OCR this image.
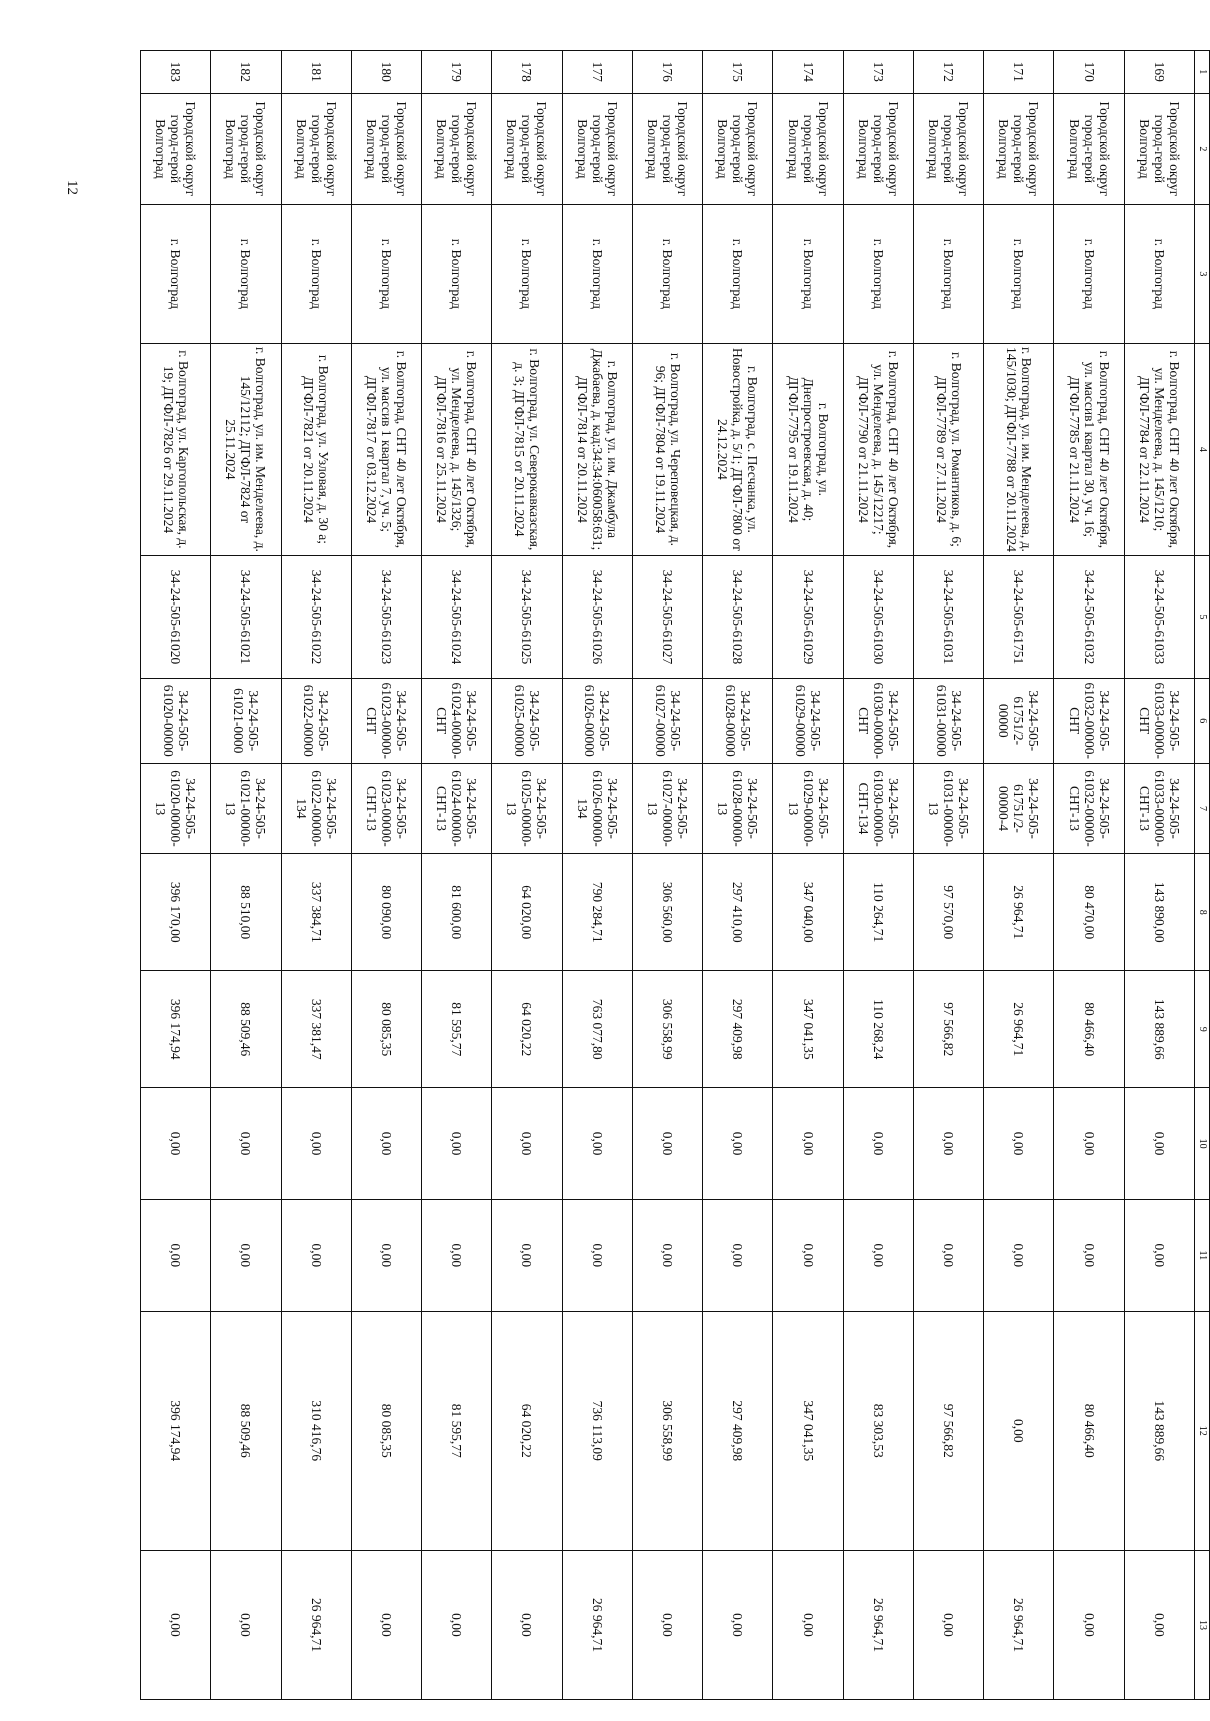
12
1	2	3	4	5	6	7	8	9	10	11	12	13
169	Городской округ город-герой Волгоград	г. Волгоград	г. Волгоград, СНТ 40 лет Октября, ул. Менделеева, д. 145/1210; ДГФЛ-7784 от 22.11.2024	34-24-505-61033	34-24-505-61033-00000-СНТ	34-24-505-61033-00000-СНТ-13	143 890,00	143 889,66	0,00	0,00	143 889,66	0,00
170	Городской округ город-герой Волгоград	г. Волгоград	г. Волгоград, СНТ 40 лет Октября, ул. массив1 квартал 30, уч. 16; ДГФЛ-7785 от 21.11.2024	34-24-505-61032	34-24-505-61032-00000-СНТ	34-24-505-61032-00000-СНТ-13	80 470,00	80 466,40	0,00	0,00	80 466,40	0,00
171	Городской округ город-герой Волгоград	г. Волгоград	г. Волгоград, ул. им. Менделеева, д. 145/1030; ДГФЛ-7788 от 20.11.2024	34-24-505-61751	34-24-505-61751/2-00000	34-24-505-61751/2-00000-4	26 964,71	26 964,71	0,00	0,00	0,00	26 964,71
172	Городской округ город-герой Волгоград	г. Волгоград	г. Волгоград, ул. Романтиков, д. 6; ДГФЛ-7789 от 27.11.2024	34-24-505-61031	34-24-505-61031-00000	34-24-505-61031-00000-13	97 570,00	97 566,82	0,00	0,00	97 566,82	0,00
173	Городской округ город-герой Волгоград	г. Волгоград	г. Волгоград, СНТ 40 лет Октября, ул. Менделеева, д. 145/12217; ДГФЛ-7790 от 21.11.2024	34-24-505-61030	34-24-505-61030-00000-СНТ	34-24-505-61030-00000-СНТ-134	110 264,71	110 268,24	0,00	0,00	83 303,53	26 964,71
174	Городской округ город-герой Волгоград	г. Волгоград	г. Волгоград, ул. Днепростроевская, д. 40; ДГФЛ-7795 от 19.11.2024	34-24-505-61029	34-24-505-61029-00000	34-24-505-61029-00000-13	347 040,00	347 041,35	0,00	0,00	347 041,35	0,00
175	Городской округ город-герой Волгоград	г. Волгоград	г. Волгоград, с. Песчанка, ул. Новостройка, д. 5/1; ДГФЛ-7800 от 24.12.2024	34-24-505-61028	34-24-505-61028-00000	34-24-505-61028-00000-13	297 410,00	297 409,98	0,00	0,00	297 409,98	0,00
176	Городской округ город-герой Волгоград	г. Волгоград	г. Волгоград, ул. Череповецкая, д. 96; ДГФЛ-7804 от 19.11.2024	34-24-505-61027	34-24-505-61027-00000	34-24-505-61027-00000-13	306 560,00	306 558,99	0,00	0,00	306 558,99	0,00
177	Городской округ город-герой Волгоград	г. Волгоград	г. Волгоград, ул. им. Джамбула Джабаева, д. кад:34:34:060058:631; ДГФЛ-7814 от 20.11.2024	34-24-505-61026	34-24-505-61026-00000	34-24-505-61026-00000-134	790 284,71	763 077,80	0,00	0,00	736 113,09	26 964,71
178	Городской округ город-герой Волгоград	г. Волгоград	г. Волгоград, ул. Северокавказская, д. 3; ДГФЛ-7815 от 20.11.2024	34-24-505-61025	34-24-505-61025-00000	34-24-505-61025-00000-13	64 020,00	64 020,22	0,00	0,00	64 020,22	0,00
179	Городской округ город-герой Волгоград	г. Волгоград	г. Волгоград, СНТ 40 лет Октября, ул. Менделеева, д. 145/1326; ДГФЛ-7816 от 25.11.2024	34-24-505-61024	34-24-505-61024-00000-СНТ	34-24-505-61024-00000-СНТ-13	81 600,00	81 595,77	0,00	0,00	81 595,77	0,00
180	Городской округ город-герой Волгоград	г. Волгоград	г. Волгоград, СНТ 40 лет Октября, ул. массив 1 квартал 7, уч. 5; ДГФЛ-7817 от 03.12.2024	34-24-505-61023	34-24-505-61023-00000-СНТ	34-24-505-61023-00000-СНТ-13	80 090,00	80 085,35	0,00	0,00	80 085,35	0,00
181	Городской округ город-герой Волгоград	г. Волгоград	г. Волгоград, ул. Узловая, д. 30 а; ДГФЛ-7821 от 20.11.2024	34-24-505-61022	34-24-505-61022-00000	34-24-505-61022-00000-134	337 384,71	337 381,47	0,00	0,00	310 416,76	26 964,71
182	Городской округ город-герой Волгоград	г. Волгоград	г. Волгоград, ул. им. Менделеева, д. 145/12112; ДГФЛ-7824 от 25.11.2024	34-24-505-61021	34-24-505-61021-0000	34-24-505-61021-00000-13	88 510,00	88 509,46	0,00	0,00	88 509,46	0,00
183	Городской округ город-герой Волгоград	г. Волгоград	г. Волгоград, ул. Каргопольская, д. 19; ДГФЛ-7826 от 29.11.2024	34-24-505-61020	34-24-505-61020-00000	34-24-505-61020-00000-13	396 170,00	396 174,94	0,00	0,00	396 174,94	0,00
